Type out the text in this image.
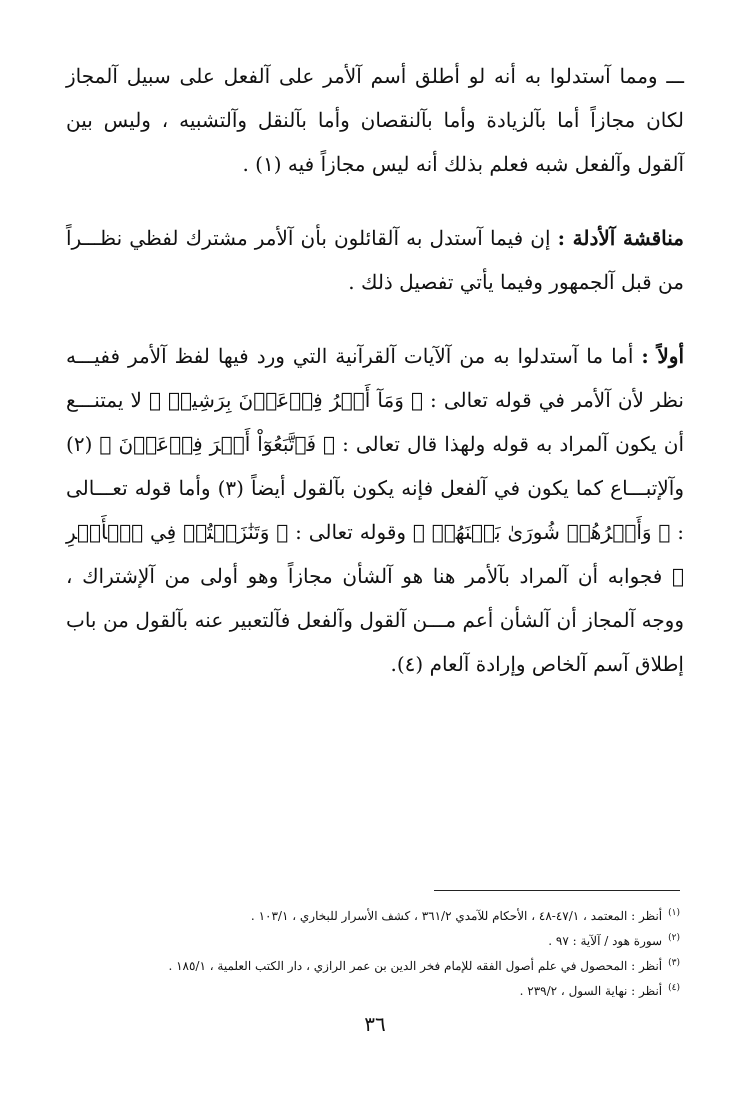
ـــ ومما آستدلوا به أنه لو أطلق أسم آلأمر على آلفعل على سبيل آلمجاز لكان مجازاً أما بآلزيادة وأما بآلنقصان وأما بآلنقل وآلتشبيه ، وليس بين آلقول وآلفعل شبه فعلم بذلك أنه ليس مجازاً فيه (١) .

مناقشة آلأدلة : إن فيما آستدل به آلقائلون بأن آلأمر مشترك لفظي نظـــراً من قبل آلجمهور وفيما يأتي تفصيل ذلك .

أولاً : أما ما آستدلوا به من آلآيات آلقرآنية التي ورد فيها لفظ آلأمر ففيـــه نظر لأن آلأمر في قوله تعالى : ﴿ وَمَآ أَمۡرُ فِرۡعَوۡنَ بِرَشِيدٖ ﴾ لا يمتنـــع أن يكون آلمراد به قوله ولهذا قال تعالى : ﴿ فَٱتَّبَعُوٓاْ أَمۡرَ فِرۡعَوۡنَ ﴾ (٢) وآلإتبـــاع كما يكون في آلفعل فإنه يكون بآلقول أيضاً (٣) وأما قوله تعـــالى : ﴿ وَأَمۡرُهُمۡ شُورَىٰ بَيۡنَهُمۡ ﴾ وقوله تعالى : ﴿ وَتَنَٰزَعۡتُمۡ فِي ٱلۡأَمۡرِ ﴾ فجوابه أن آلمراد بآلأمر هنا هو آلشأن مجازاً وهو أولى من آلإشتراك ، ووجه آلمجاز أن آلشأن أعم مـــن آلقول وآلفعل فآلتعبير عنه بآلقول من باب إطلاق آسم آلخاص وإرادة آلعام (٤).

$^{(١)}$أنظر : المعتمد ، ٤٧/١-٤٨ ، الأحكام للآمدي ٣٦١/٢ ، كشف الأسرار للبخاري ، ١٠٣/١ .
$^{(٢)}$سورة هود / آلآية : ٩٧ .
$^{(٣)}$أنظر : المحصول في علم أصول الفقه للإمام فخر الدين بن عمر الرازي ، دار الكتب العلمية ، ١٨٥/١ .
$^{(٤)}$أنظر : نهاية السول ، ٢٣٩/٢ .
٣٦
